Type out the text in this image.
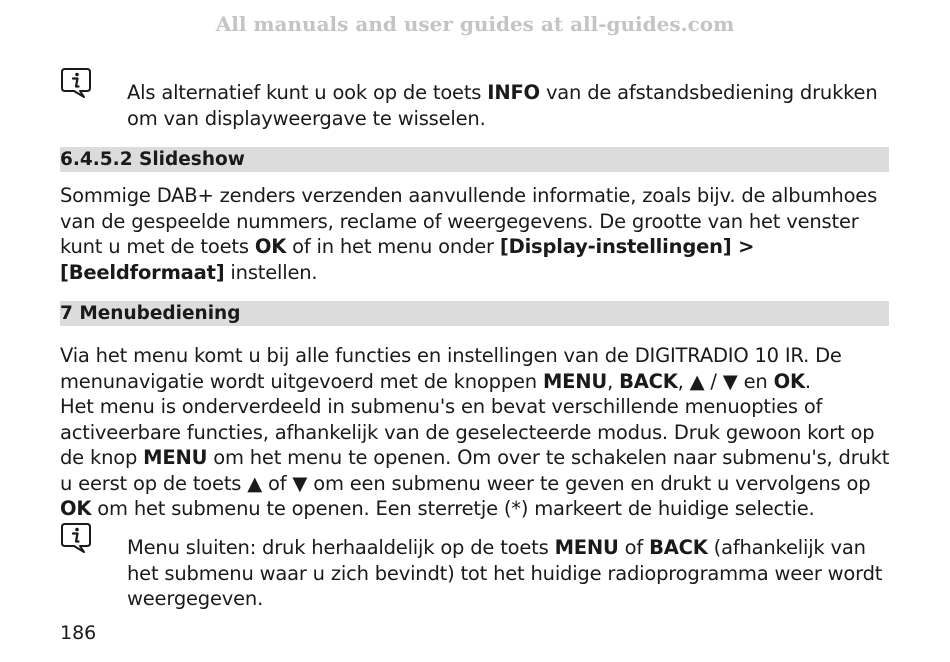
All manuals and user guides at all-guides.com
Als alternatief kunt u ook op de toets INFO van de afstandsbediening drukken om van displayweergave te wisselen.
6.4.5.2 Slideshow
Sommige DAB+ zenders verzenden aanvullende informatie, zoals bijv. de albumhoes van de gespeelde nummers, reclame of weergegevens. De grootte van het venster kunt u met de toets OK of in het menu onder [Display-instellingen] > [Beeldformaat] instellen.
7 Menubediening
Via het menu komt u bij alle functies en instellingen van de DIGITRADIO 10 IR. De menunavigatie wordt uitgevoerd met de knoppen MENU, BACK, ▲ / ▼ en OK.
Het menu is onderverdeeld in submenu's en bevat verschillende menuopties of activeerbare functies, afhankelijk van de geselecteerde modus. Druk gewoon kort op de knop MENU om het menu te openen. Om over te schakelen naar submenu's, drukt u eerst op de toets ▲ of ▼ om een submenu weer te geven en drukt u vervolgens op OK om het submenu te openen. Een sterretje (*) markeert de huidige selectie.
Menu sluiten: druk herhaaldelijk op de toets MENU of BACK (afhankelijk van het submenu waar u zich bevindt) tot het huidige radioprogramma weer wordt weergegeven.
186
